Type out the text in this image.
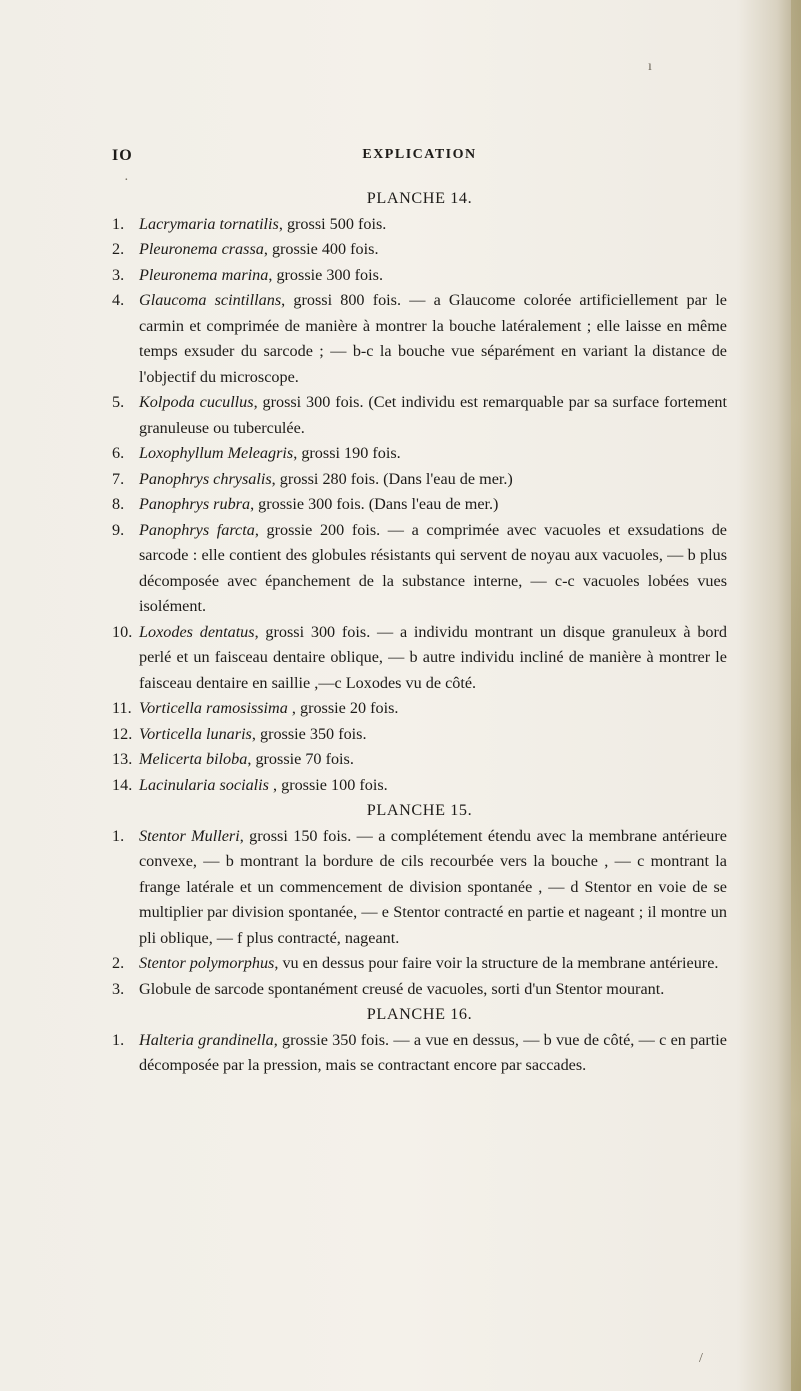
ı
·
/
IO	EXPLICATION
PLANCHE 14.
1. Lacrymaria tornatilis, grossi 500 fois.
2. Pleuronema crassa, grossie 400 fois.
3. Pleuronema marina, grossie 300 fois.
4. Glaucoma scintillans, grossi 800 fois. — a Glaucome colorée artificiellement par le carmin et comprimée de manière à montrer la bouche latéralement ; elle laisse en même temps exsuder du sarcode ; — b-c la bouche vue séparément en variant la distance de l'objectif du microscope.
5. Kolpoda cucullus, grossi 300 fois. (Cet individu est remarquable par sa surface fortement granuleuse ou tuberculée.
6. Loxophyllum Meleagris, grossi 190 fois.
7. Panophrys chrysalis, grossi 280 fois. (Dans l'eau de mer.)
8. Panophrys rubra, grossie 300 fois. (Dans l'eau de mer.)
9. Panophrys farcta, grossie 200 fois. — a comprimée avec vacuoles et exsudations de sarcode : elle contient des globules résistants qui servent de noyau aux vacuoles, — b plus décomposée avec épanchement de la substance interne, — c-c vacuoles lobées vues isolément.
10. Loxodes dentatus, grossi 300 fois. — a individu montrant un disque granuleux à bord perlé et un faisceau dentaire oblique, — b autre individu incliné de manière à montrer le faisceau dentaire en saillie ,—c Loxodes vu de côté.
11. Vorticella ramosissima , grossie 20 fois.
12. Vorticella lunaris, grossie 350 fois.
13. Melicerta biloba, grossie 70 fois.
14. Lacinularia socialis , grossie 100 fois.
PLANCHE 15.
1. Stentor Mulleri, grossi 150 fois. — a complétement étendu avec la membrane antérieure convexe, — b montrant la bordure de cils recourbée vers la bouche , — c montrant la frange latérale et un commencement de division spontanée , — d Stentor en voie de se multiplier par division spontanée, — e Stentor contracté en partie et nageant ; il montre un pli oblique, — f plus contracté, nageant.
2. Stentor polymorphus, vu en dessus pour faire voir la structure de la membrane antérieure.
3. Globule de sarcode spontanément creusé de vacuoles, sorti d'un Stentor mourant.
PLANCHE 16.
1. Halteria grandinella, grossie 350 fois. — a vue en dessus, — b vue de côté, — c en partie décomposée par la pression, mais se contractant encore par saccades.
